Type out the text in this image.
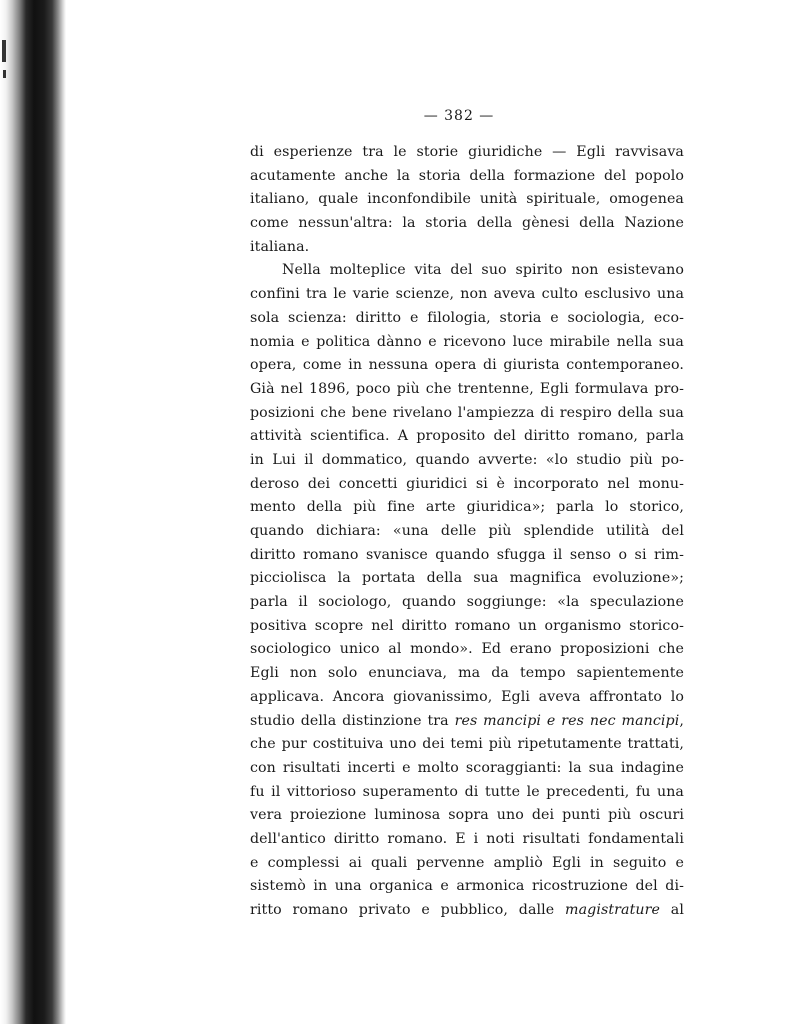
— 382 —
di esperienze tra le storie giuridiche — Egli ravvisava
acutamente anche la storia della formazione del popolo
italiano, quale inconfondibile unità spirituale, omogenea
come nessun'altra: la storia della gènesi della Nazione
italiana.
Nella molteplice vita del suo spirito non esistevano
confini tra le varie scienze, non aveva culto esclusivo una
sola scienza: diritto e filologia, storia e sociologia, eco-
nomia e politica dànno e ricevono luce mirabile nella sua
opera, come in nessuna opera di giurista contemporaneo.
Già nel 1896, poco più che trentenne, Egli formulava pro-
posizioni che bene rivelano l'ampiezza di respiro della sua
attività scientifica. A proposito del diritto romano, parla
in Lui il dommatico, quando avverte: «lo studio più po-
deroso dei concetti giuridici si è incorporato nel monu-
mento della più fine arte giuridica»; parla lo storico,
quando dichiara: «una delle più splendide utilità del
diritto romano svanisce quando sfugga il senso o si rim-
picciolisca la portata della sua magnifica evoluzione»;
parla il sociologo, quando soggiunge: «la speculazione
positiva scopre nel diritto romano un organismo storico-
sociologico unico al mondo». Ed erano proposizioni che
Egli non solo enunciava, ma da tempo sapientemente
applicava. Ancora giovanissimo, Egli aveva affrontato lo
studio della distinzione tra res mancipi e res nec mancipi,
che pur costituiva uno dei temi più ripetutamente trattati,
con risultati incerti e molto scoraggianti: la sua indagine
fu il vittorioso superamento di tutte le precedenti, fu una
vera proiezione luminosa sopra uno dei punti più oscuri
dell'antico diritto romano. E i noti risultati fondamentali
e complessi ai quali pervenne ampliò Egli in seguito e
sistemò in una organica e armonica ricostruzione del di-
ritto romano privato e pubblico, dalle magistrature al
